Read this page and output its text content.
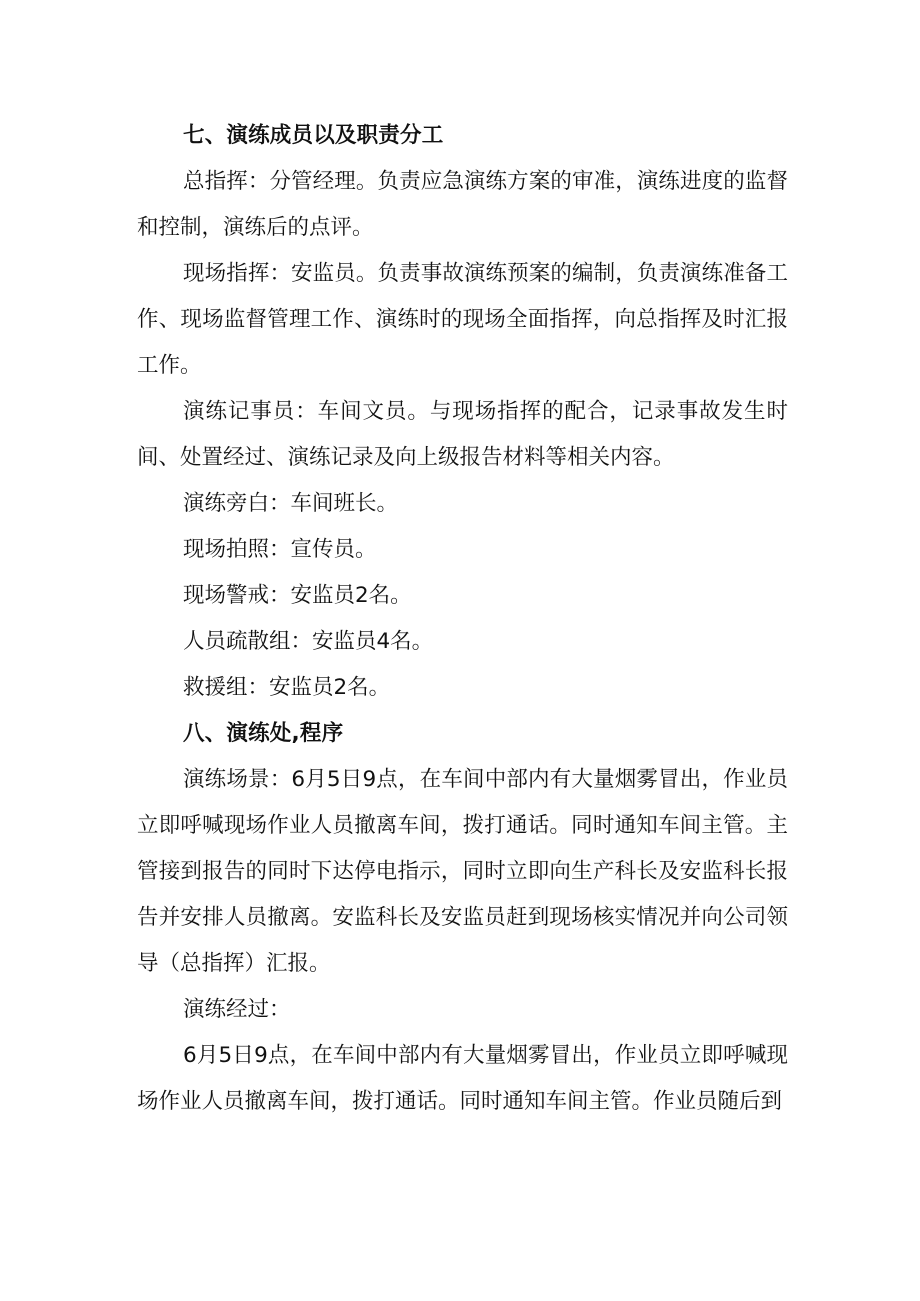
七、演练成员以及职责分工

总指挥：分管经理。负责应急演练方案的审准，演练进度的监督和控制，演练后的点评。

现场指挥：安监员。负责事故演练预案的编制，负责演练准备工作、现场监督管理工作、演练时的现场全面指挥，向总指挥及时汇报工作。

演练记事员：车间文员。与现场指挥的配合，记录事故发生时间、处置经过、演练记录及向上级报告材料等相关内容。

演练旁白：车间班长。
现场拍照：宣传员。
现场警戒：安监员2名。
人员疏散组：安监员4名。
救援组：安监员2名。
八、演练处,程序

演练场景：6月5日9点，在车间中部内有大量烟雾冒出，作业员立即呼喊现场作业人员撤离车间，拨打通话。同时通知车间主管。主管接到报告的同时下达停电指示，同时立即向生产科长及安监科长报告并安排人员撤离。安监科长及安监员赶到现场核实情况并向公司领导（总指挥）汇报。

演练经过：

6月5日9点，在车间中部内有大量烟雾冒出，作业员立即呼喊现场作业人员撤离车间，拨打通话。同时通知车间主管。作业员随后到
